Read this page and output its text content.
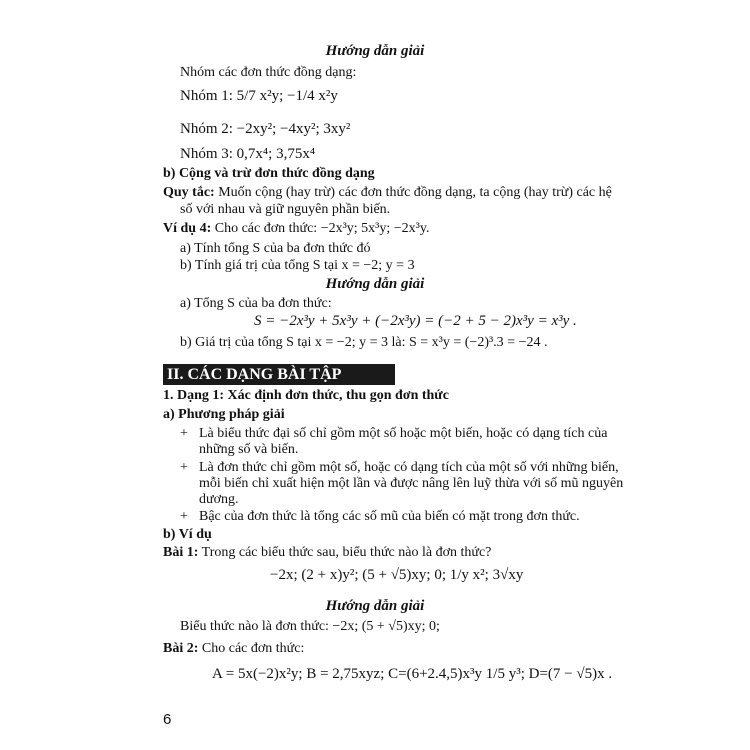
Hướng dẫn giải
Nhóm các đơn thức đồng dạng:
Nhóm 1: 5/7 x²y; −1/4 x²y
Nhóm 2: −2xy²; −4xy²; 3xy²
Nhóm 3: 0,7x⁴; 3,75x⁴
b) Cộng và trừ đơn thức đồng dạng
Quy tắc: Muốn cộng (hay trừ) các đơn thức đồng dạng, ta cộng (hay trừ) các hệ
số với nhau và giữ nguyên phần biến.
Ví dụ 4: Cho các đơn thức: −2x³y; 5x³y; −2x³y.
a) Tính tổng S của ba đơn thức đó
b) Tính giá trị của tổng S tại x = −2; y = 3
Hướng dẫn giải
a) Tổng S của ba đơn thức:
S = −2x³y + 5x³y + (−2x³y) = (−2 + 5 − 2)x³y = x³y .
b) Giá trị của tổng S tại x = −2; y = 3 là: S = x³y = (−2)³.3 = −24 .
II. CÁC DẠNG BÀI TẬP
1. Dạng 1: Xác định đơn thức, thu gọn đơn thức
a) Phương pháp giải
+ Là biểu thức đại số chỉ gồm một số hoặc một biến, hoặc có dạng tích của
những số và biến.
+ Là đơn thức chỉ gồm một số, hoặc có dạng tích của một số với những biến,
mỗi biến chỉ xuất hiện một lần và được nâng lên luỹ thừa với số mũ nguyên
dương.
+ Bậc của đơn thức là tổng các số mũ của biến có mặt trong đơn thức.
b) Ví dụ
Bài 1: Trong các biểu thức sau, biểu thức nào là đơn thức?
−2x; (2 + x)y²; (5 + √5)xy; 0; 1/y x²; 3√xy
Hướng dẫn giải
Biểu thức nào là đơn thức: −2x; (5 + √5)xy; 0;
Bài 2: Cho các đơn thức:
A = 5x(−2)x²y; B = 2,75xyz; C=(6+2.4,5)x³y 1/5 y³; D=(7 − √5)x .
6
